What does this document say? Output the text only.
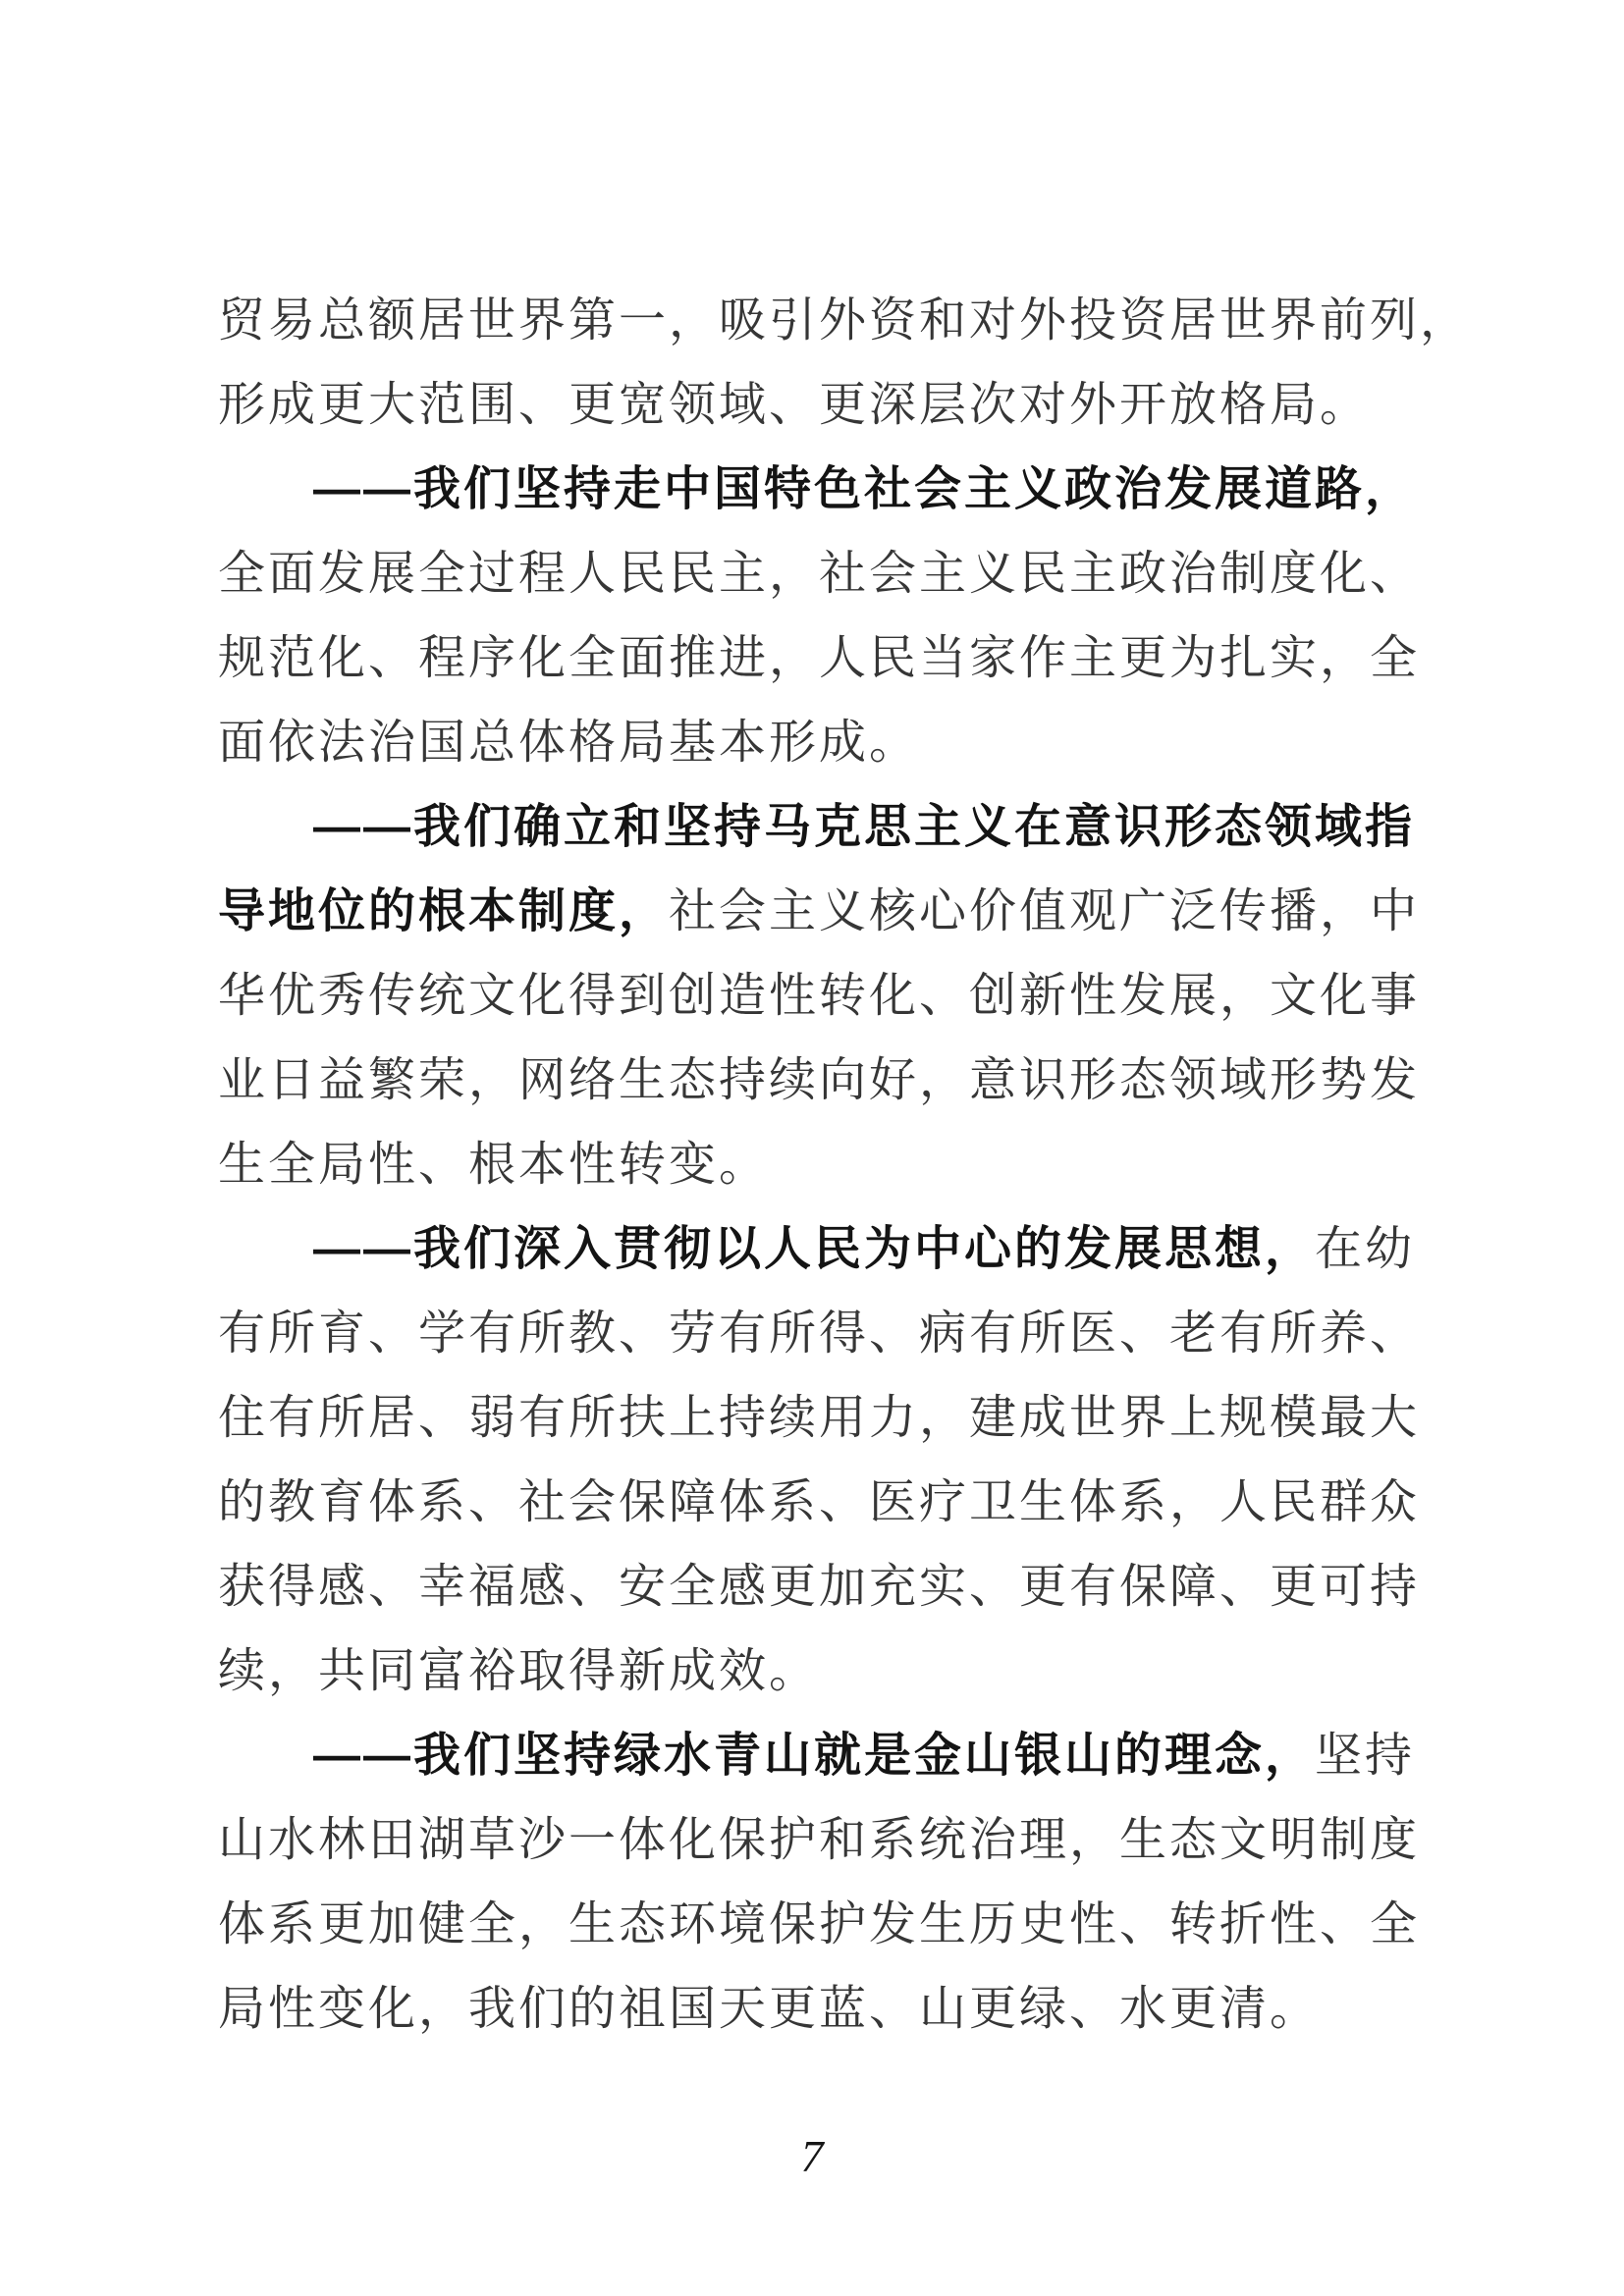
贸易总额居世界第一，吸引外资和对外投资居世界前列，
形成更大范围、更宽领域、更深层次对外开放格局。
——我们坚持走中国特色社会主义政治发展道路，
全面发展全过程人民民主，社会主义民主政治制度化、
规范化、程序化全面推进，人民当家作主更为扎实，全
面依法治国总体格局基本形成。
——我们确立和坚持马克思主义在意识形态领域指
导地位的根本制度，社会主义核心价值观广泛传播，中
华优秀传统文化得到创造性转化、创新性发展，文化事
业日益繁荣，网络生态持续向好，意识形态领域形势发
生全局性、根本性转变。
——我们深入贯彻以人民为中心的发展思想，在幼
有所育、学有所教、劳有所得、病有所医、老有所养、
住有所居、弱有所扶上持续用力，建成世界上规模最大
的教育体系、社会保障体系、医疗卫生体系，人民群众
获得感、幸福感、安全感更加充实、更有保障、更可持
续，共同富裕取得新成效。
——我们坚持绿水青山就是金山银山的理念，坚持
山水林田湖草沙一体化保护和系统治理，生态文明制度
体系更加健全，生态环境保护发生历史性、转折性、全
局性变化，我们的祖国天更蓝、山更绿、水更清。
7
